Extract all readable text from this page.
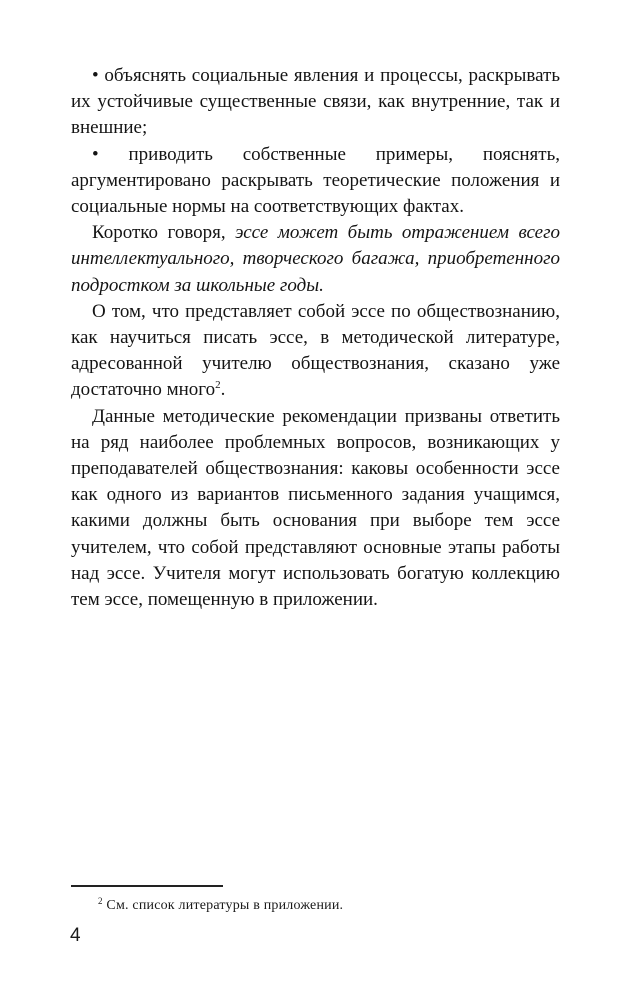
• объяснять социальные явления и процессы, раскрывать их устойчивые существенные связи, как внутренние, так и внешние;

• приводить собственные примеры, пояснять, аргументировано раскрывать теоретические положения и социальные нормы на соответствующих фактах.

Коротко говоря, эссе может быть отражением всего интеллектуального, творческого багажа, приобретенного подростком за школьные годы.

О том, что представляет собой эссе по обществознанию, как научиться писать эссе, в методической литературе, адресованной учителю обществознания, сказано уже достаточно много$^2$.

Данные методические рекомендации призваны ответить на ряд наиболее проблемных вопросов, возникающих у преподавателей обществознания: каковы особенности эссе как одного из вариантов письменного задания учащимся, какими должны быть основания при выборе тем эссе учителем, что собой представляют основные этапы работы над эссе. Учителя могут использовать богатую коллекцию тем эссе, помещенную в приложении.

$^2$ См. список литературы в приложении.
4
